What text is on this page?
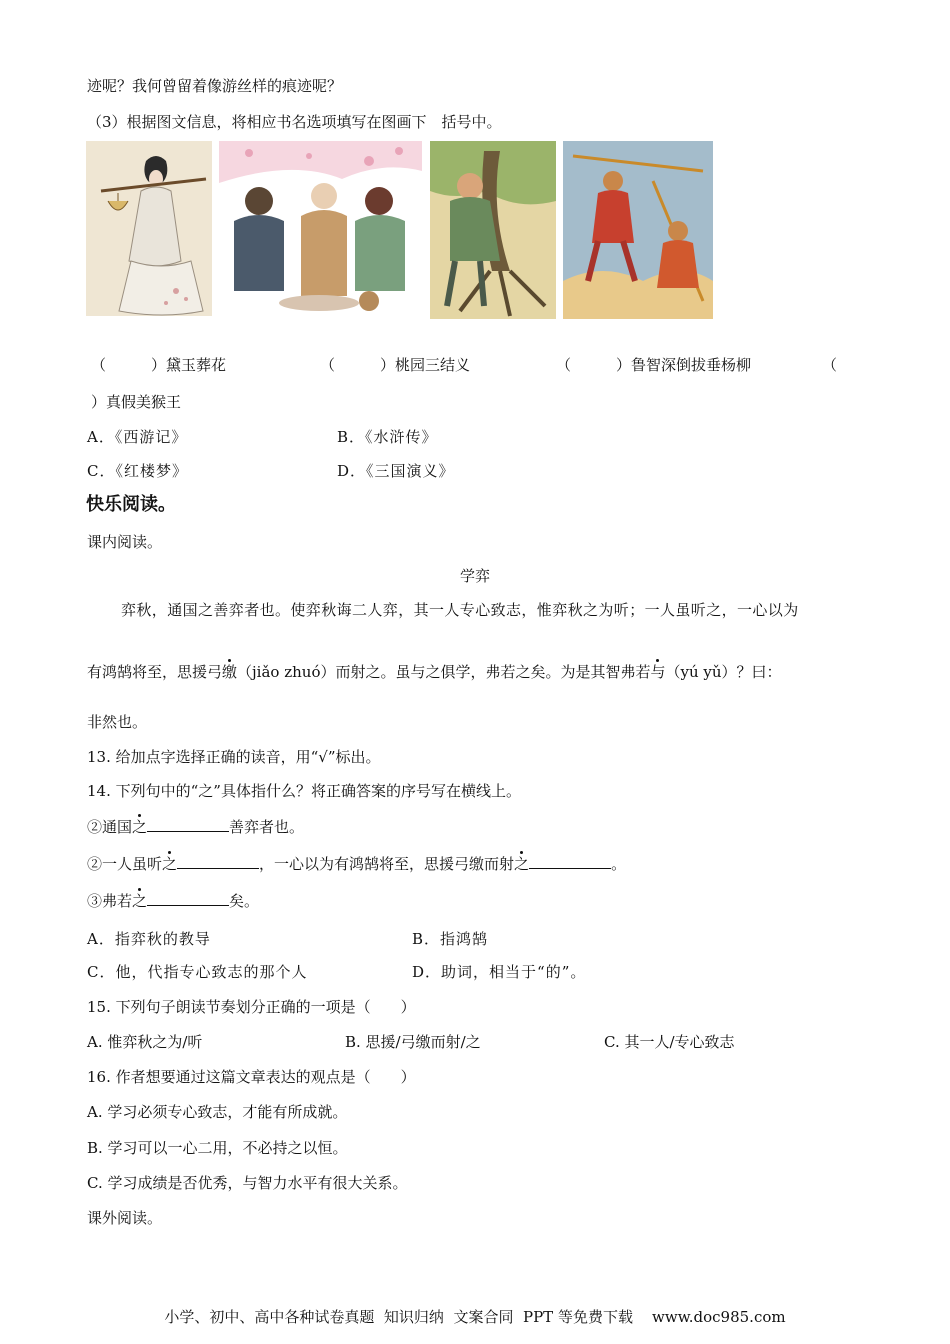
迹呢？我何曾留着像游丝样的痕迹呢？
（3）根据图文信息，将相应书名选项填写在图画下　括号中。
（　　　）黛玉葬花	（　　　）桃园三结义	（　　　）鲁智深倒拔垂杨柳	（
）真假美猴王
A．《西游记》	B．《水浒传》
C．《红楼梦》	D．《三国演义》
快乐阅读。
课内阅读。
学弈
弈秋，通国之善弈者也。使弈秋诲二人弈，其一人专心致志，惟弈秋之为听；一人虽听之，一心以为
有鸿鹄将至，思援弓缴（jiǎo zhuó）而射之。虽与之俱学，弗若之矣。为是其智弗若与（yú yǔ）？曰：
非然也。
13. 给加点字选择正确的读音，用“√”标出。
14. 下列句中的“之”具体指什么？将正确答案的序号写在横线上。
②通国之	善弈者也。
②一人虽听之	，一心以为有鸿鹄将至，思援弓缴而射之	。
③弗若之	矣。
A．指弈秋的教导	B．指鸿鹄
C．他，代指专心致志的那个人	D．助词，相当于“的”。
15. 下列句子朗读节奏划分正确的一项是（　　）
A. 惟弈秋之为/听	B. 思援/弓缴而射/之	C. 其一人/专心致志
16. 作者想要通过这篇文章表达的观点是（　　）
A. 学习必须专心致志，才能有所成就。
B. 学习可以一心二用，不必持之以恒。
C. 学习成绩是否优秀，与智力水平有很大关系。
课外阅读。
小学、初中、高中各种试卷真题  知识归纳  文案合同  PPT 等免费下载    www.doc985.com
